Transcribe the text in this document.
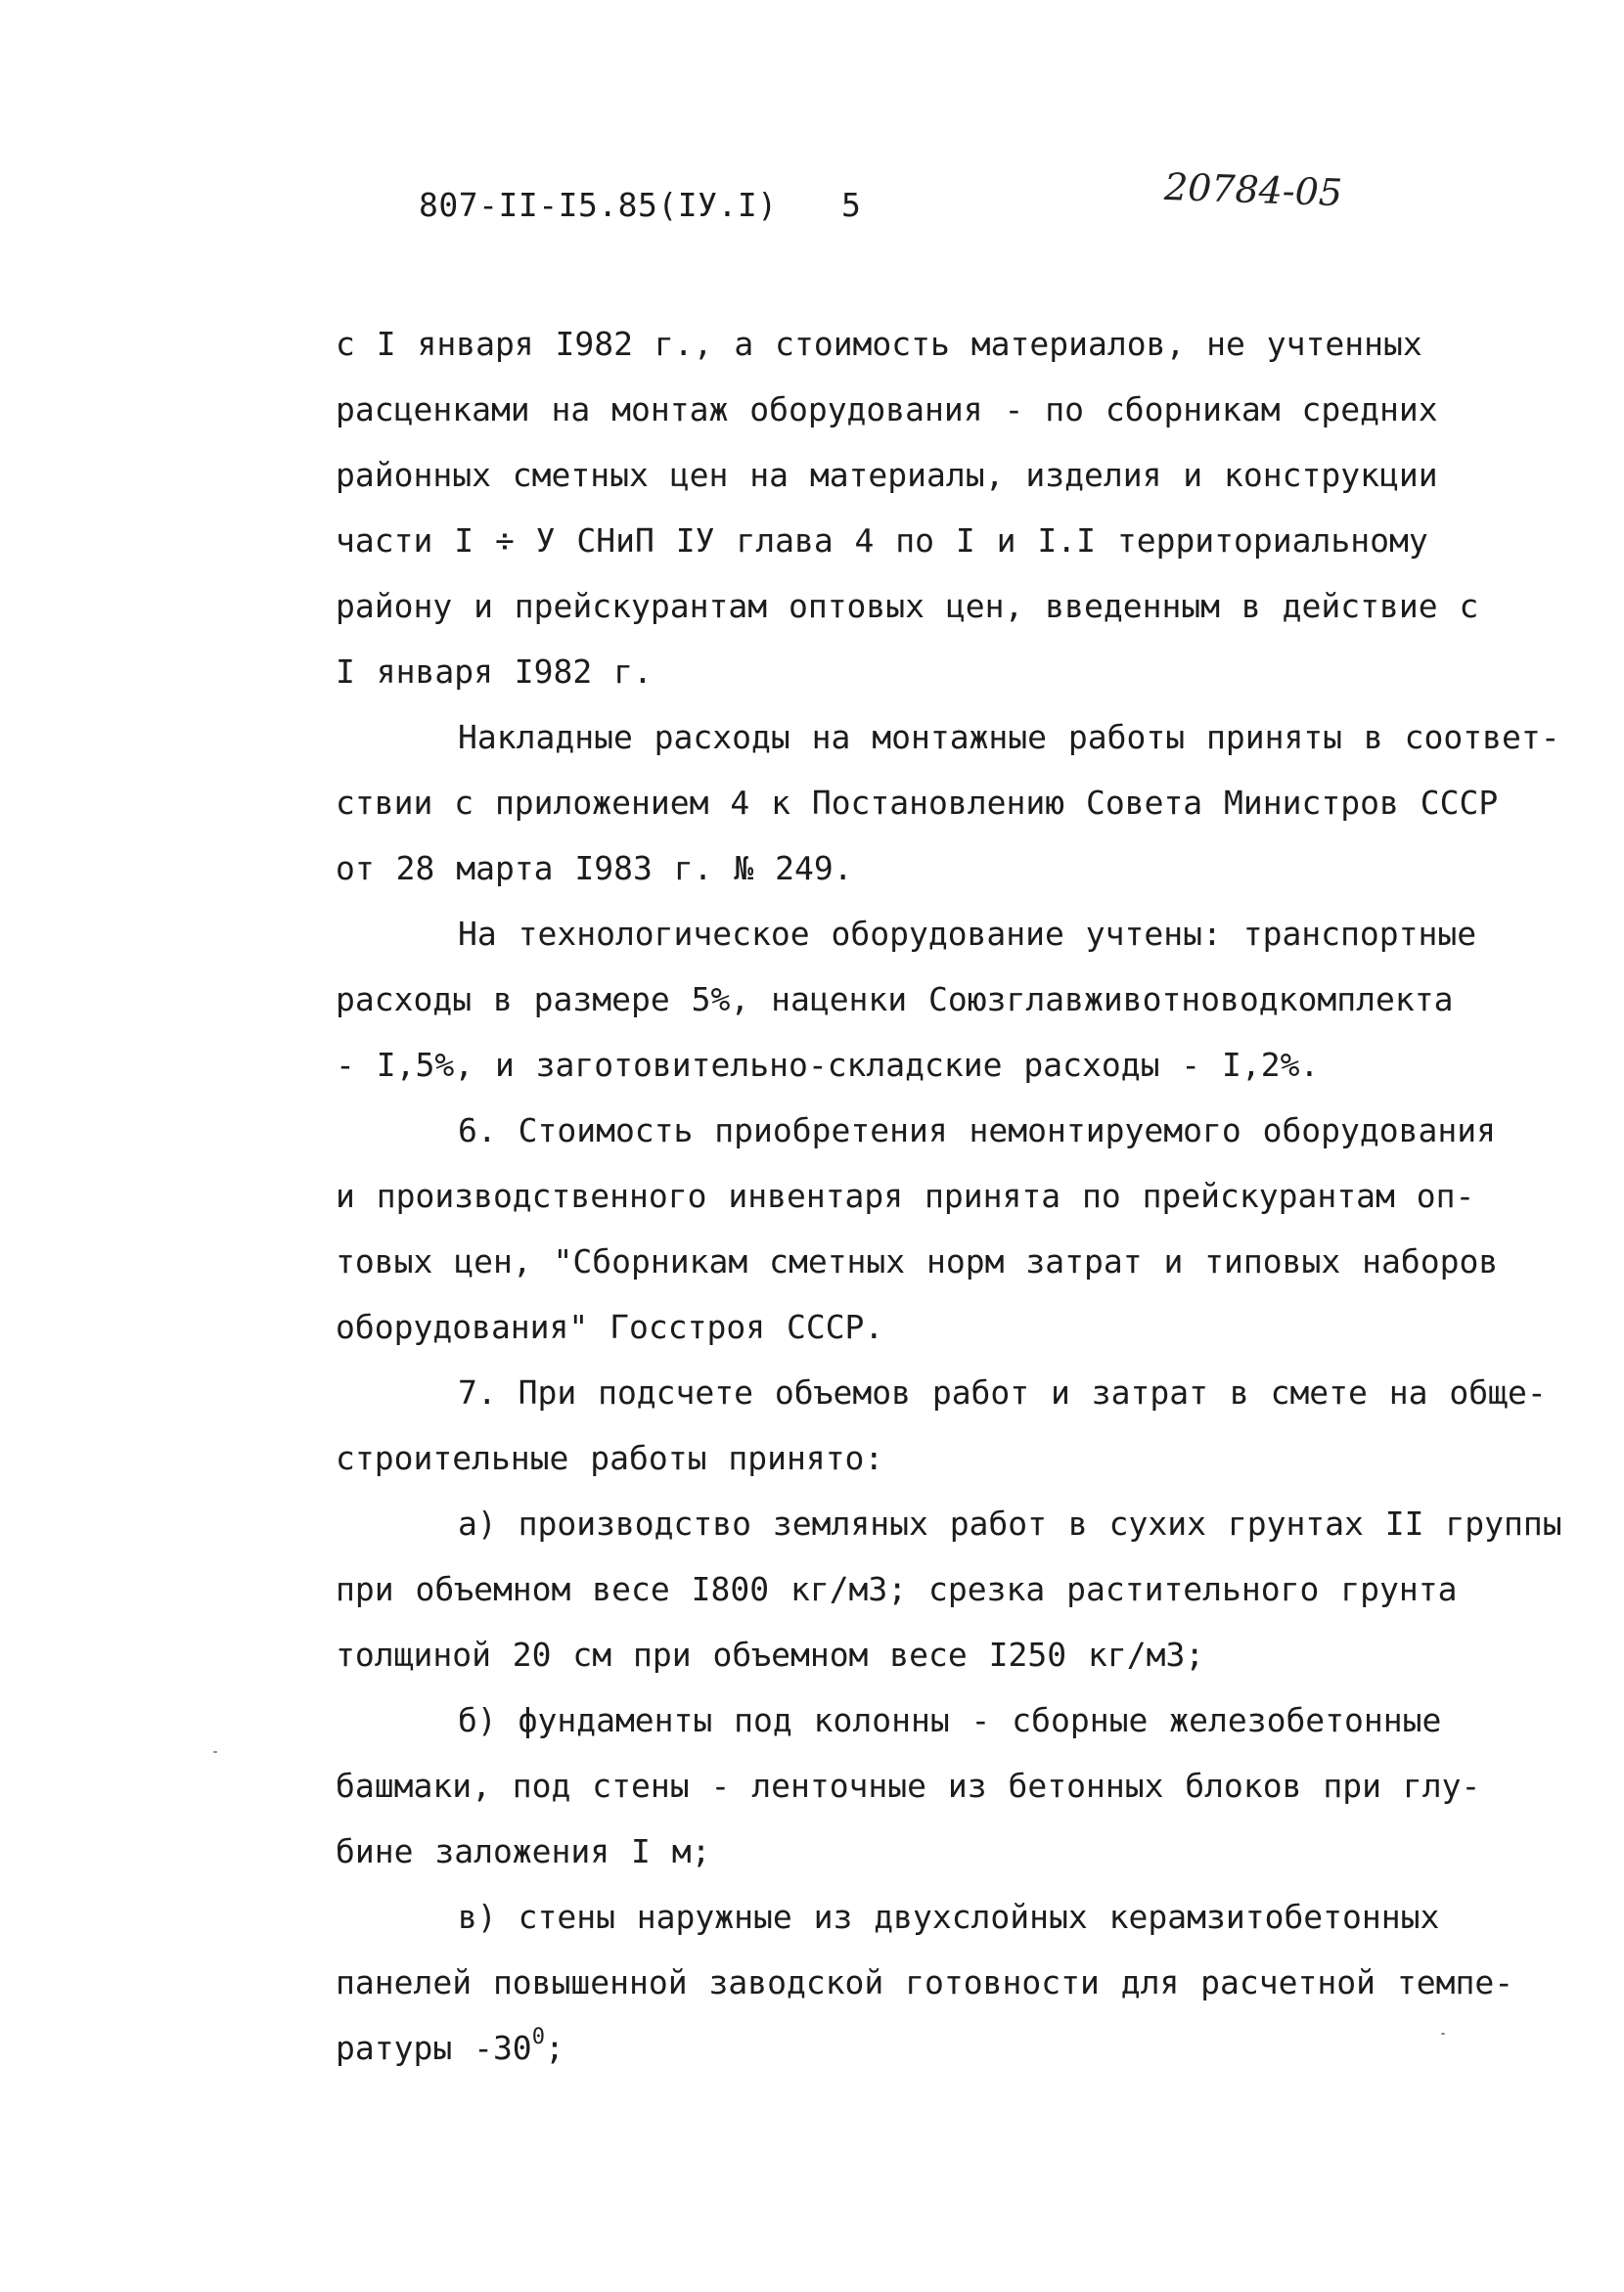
807-II-I5.85(IУ.I) 5	20784-05
с I января I982 г., а стоимость материалов, не учтенных
расценками на монтаж оборудования - по сборникам средних
районных сметных цен на материалы, изделия и конструкции
части I ÷ У СНиП IУ глава 4 по I и I.I территориальному
району и прейскурантам оптовых цен, введенным в действие с
I января I982 г.
Накладные расходы на монтажные работы приняты в соответ-
ствии с приложением 4 к Постановлению Совета Министров СССР
от 28 марта I983 г. № 249.
На технологическое оборудование учтены: транспортные
расходы в размере 5%, наценки Союзглавживотноводкомплекта
- I,5%, и заготовительно-складские расходы - I,2%.
6. Стоимость приобретения немонтируемого оборудования
и производственного инвентаря принята по прейскурантам оп-
товых цен, "Сборникам сметных норм затрат и типовых наборов
оборудования" Госстроя СССР.
7. При подсчете объемов работ и затрат в смете на обще-
строительные работы принято:
а) производство земляных работ в сухих грунтах II группы
при объемном весе I800 кг/м3; срезка растительного грунта
толщиной 20 см при объемном весе I250 кг/м3;
б) фундаменты под колонны - сборные железобетонные
башмаки, под стены - ленточные из бетонных блоков при глу-
бине заложения I м;
в) стены наружные из двухслойных керамзитобетонных
панелей повышенной заводской готовности для расчетной темпе-
ратуры $-30^0$;
